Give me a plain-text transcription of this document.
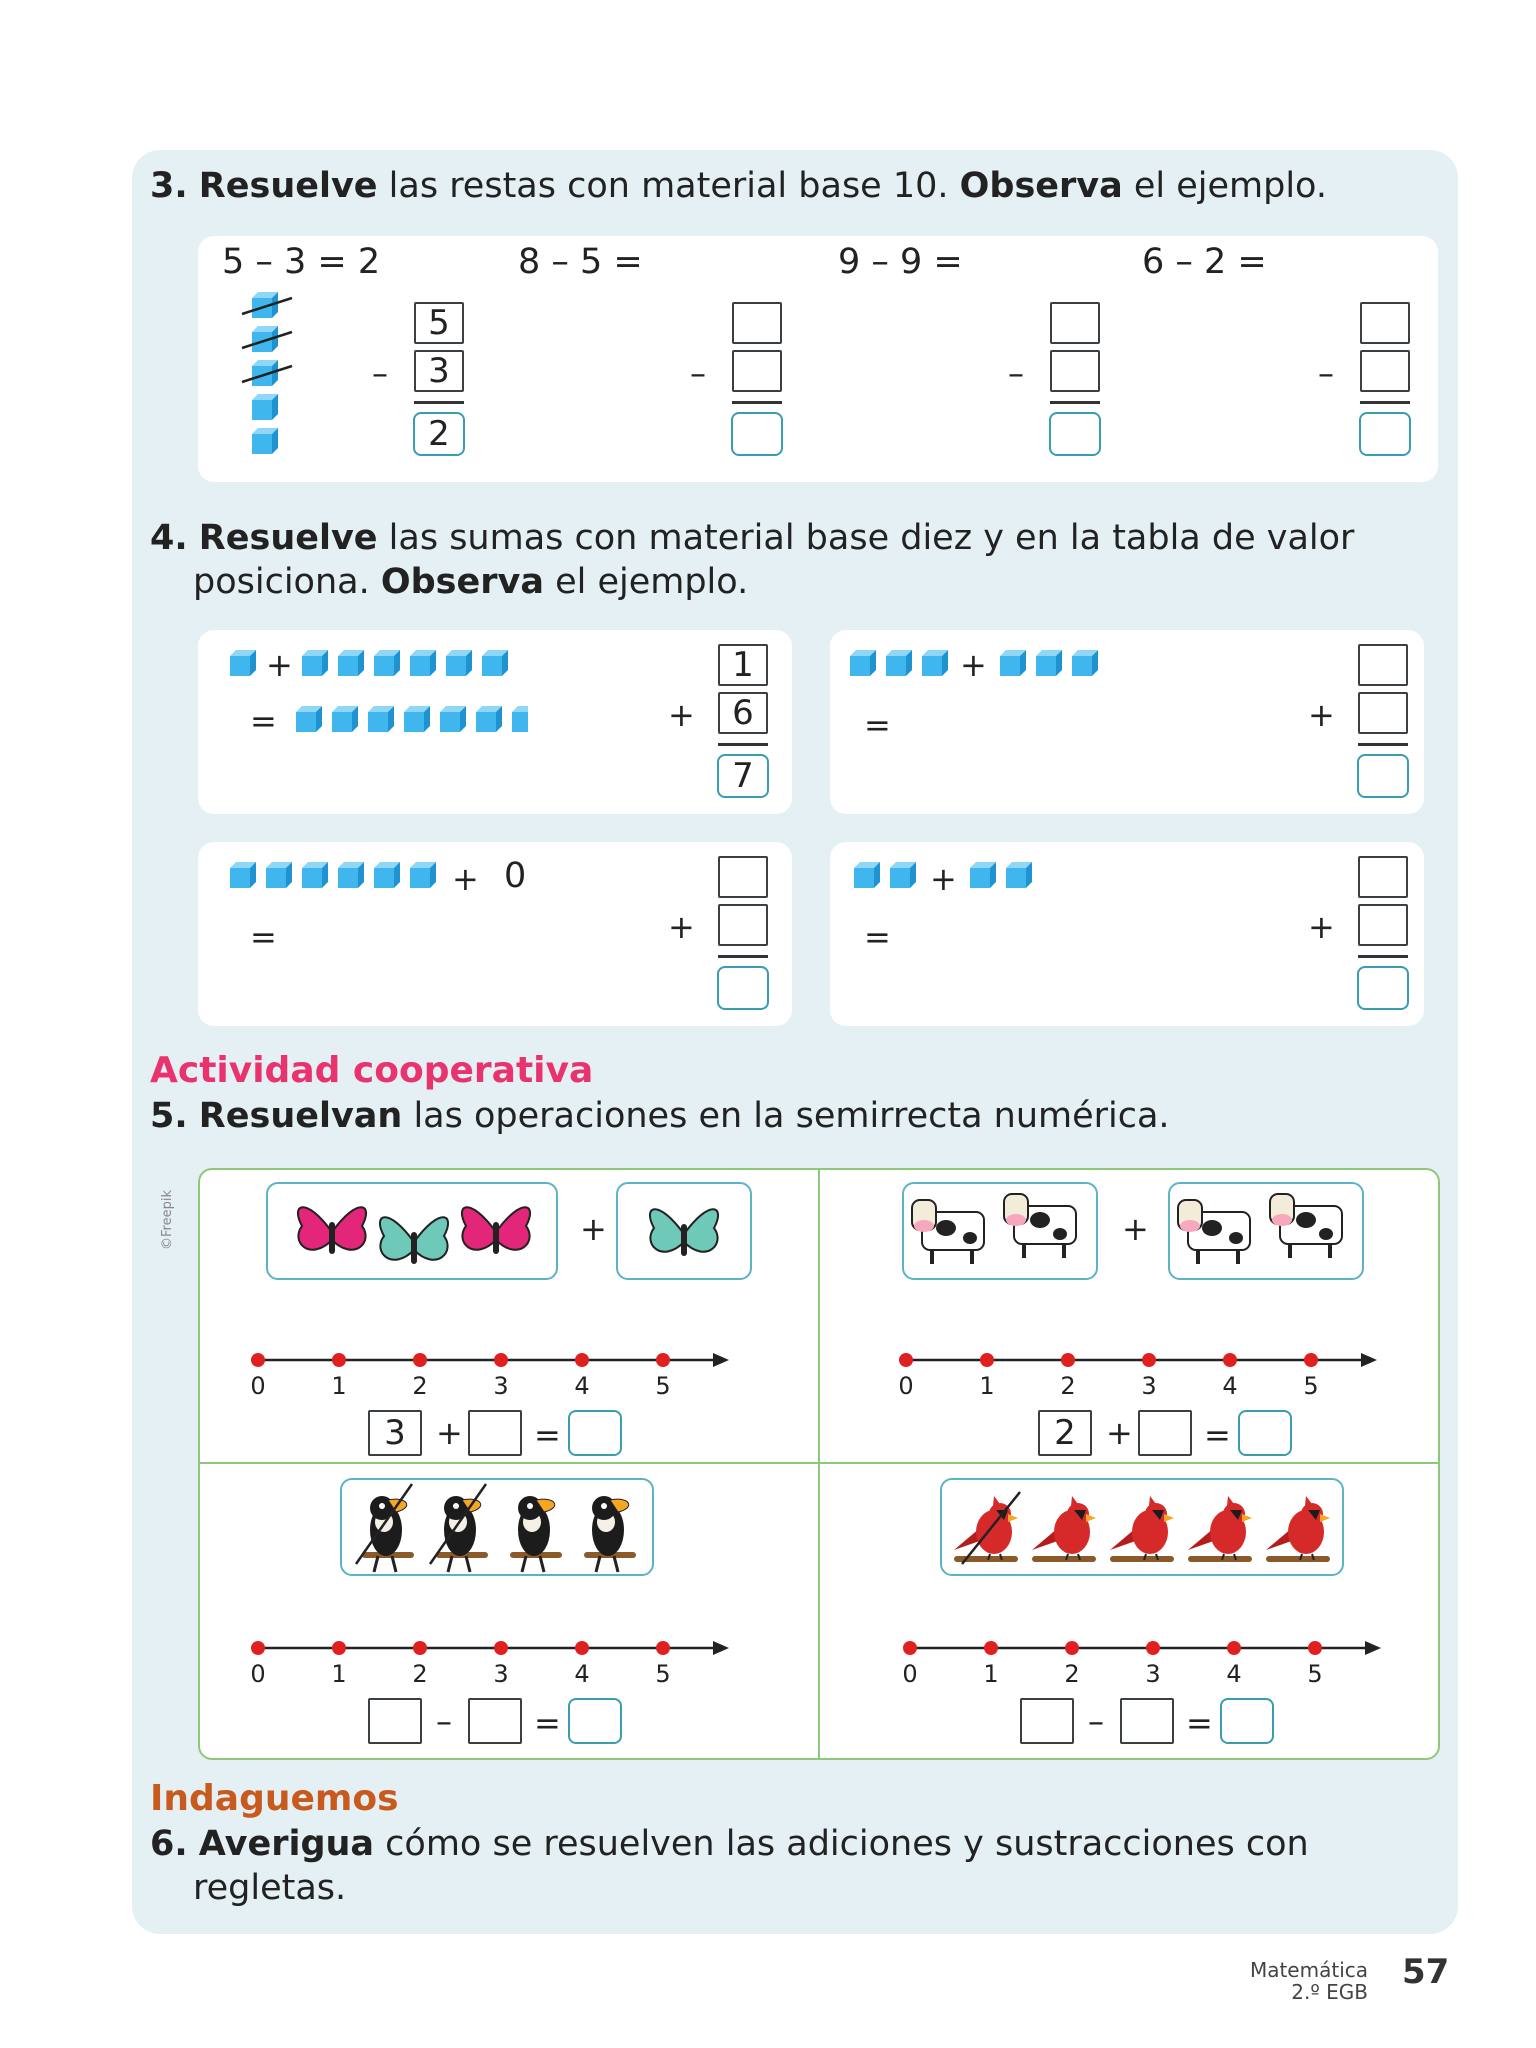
3. Resuelve las restas con material base 10. Observa el ejemplo.
5 – 3 = 2	8 – 5 =	9 – 9 =	6 – 2 =
4. Resuelve las sumas con material base diez y en la tabla de valor
posiciona. Observa el ejemplo.
+
=
+
=
+ 0
=
+
=
Actividad cooperativa
5. Resuelvan las operaciones en la semirrecta numérica.
©Freepik	+	+
Indaguemos
6. Averigua cómo se resuelven las adiciones y sustracciones con
regletas.
Matemática
2.º EGB 57
5
3
2
–	–	–	–
1
6
7
+	+
+	+
0	1	2	3	4	5	0	1	2	3	4	5
0	1	2	3	4	5	0	1	2	3	4	5
3 + =	2 + =
–	=	–	=
